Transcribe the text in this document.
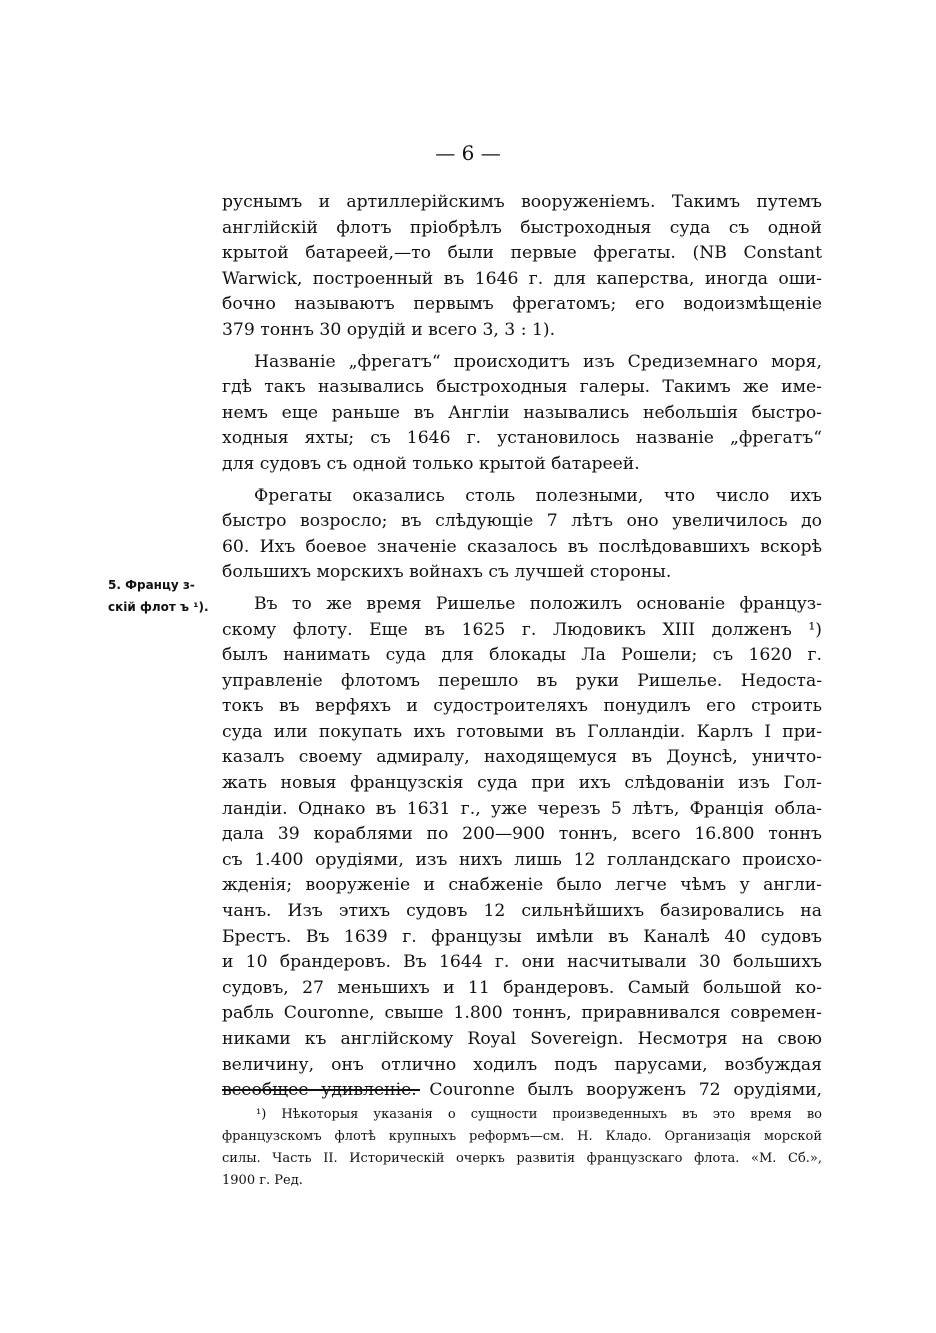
— 6 —
5. Францу з-
скій флот ъ ¹).
руснымъ и артиллерійскимъ вооруженіемъ. Такимъ путемъ
англійскій флотъ пріобрѣлъ быстроходныя суда съ одной
крытой батареей,—то были первые фрегаты. (NB Constant
Warwick, построенный въ 1646 г. для каперства, иногда оши-
бочно называютъ первымъ фрегатомъ; его водоизмѣщеніе
379 тоннъ 30 орудій и всего 3, 3 : 1).
Названіе „фрегатъ“ происходитъ изъ Средиземнаго моря,
гдѣ такъ назывались быстроходныя галеры. Такимъ же име-
немъ еще раньше въ Англіи назывались небольшія быстро-
ходныя яхты; съ 1646 г. установилось названіе „фрегатъ“
для судовъ съ одной только крытой батареей.
Фрегаты оказались столь полезными, что число ихъ
быстро возросло; въ слѣдующіе 7 лѣтъ оно увеличилось до
60. Ихъ боевое значеніе сказалось въ послѣдовавшихъ вскорѣ
большихъ морскихъ войнахъ съ лучшей стороны.
Въ то же время Ришелье положилъ основаніе француз-
скому флоту. Еще въ 1625 г. Людовикъ XIII долженъ ¹)
былъ нанимать суда для блокады Ла Рошели; съ 1620 г.
управленіе флотомъ перешло въ руки Ришелье. Недоста-
токъ въ верфяхъ и судостроителяхъ понудилъ его строить
суда или покупать ихъ готовыми въ Голландіи. Карлъ I при-
казалъ своему адмиралу, находящемуся въ Доунсѣ, уничто-
жать новыя французскія суда при ихъ слѣдованіи изъ Гол-
ландіи. Однако въ 1631 г., уже черезъ 5 лѣтъ, Франція обла-
дала 39 кораблями по 200—900 тоннъ, всего 16.800 тоннъ
съ 1.400 орудіями, изъ нихъ лишь 12 голландскаго происхо-
жденія; вооруженіе и снабженіе было легче чѣмъ у англи-
чанъ. Изъ этихъ судовъ 12 сильнѣйшихъ базировались на
Брестъ. Въ 1639 г. французы имѣли въ Каналѣ 40 судовъ
и 10 брандеровъ. Въ 1644 г. они насчитывали 30 большихъ
судовъ, 27 меньшихъ и 11 брандеровъ. Самый большой ко-
рабль Couronne, свыше 1.800 тоннъ, приравнивался современ-
никами къ англійскому Royal Sovereign. Несмотря на свою
величину, онъ отлично ходилъ подъ парусами, возбуждая
всеобщее удивленіе. Couronne былъ вооруженъ 72 орудіями,
¹) Нѣкоторыя указанія о сущности произведенныхъ въ это время во
французскомъ флотѣ крупныхъ реформъ—см. Н. Кладо. Организація морской
силы. Часть II. Историческій очеркъ развитія французскаго флота. «М. Сб.»,
1900 г. Ред.
